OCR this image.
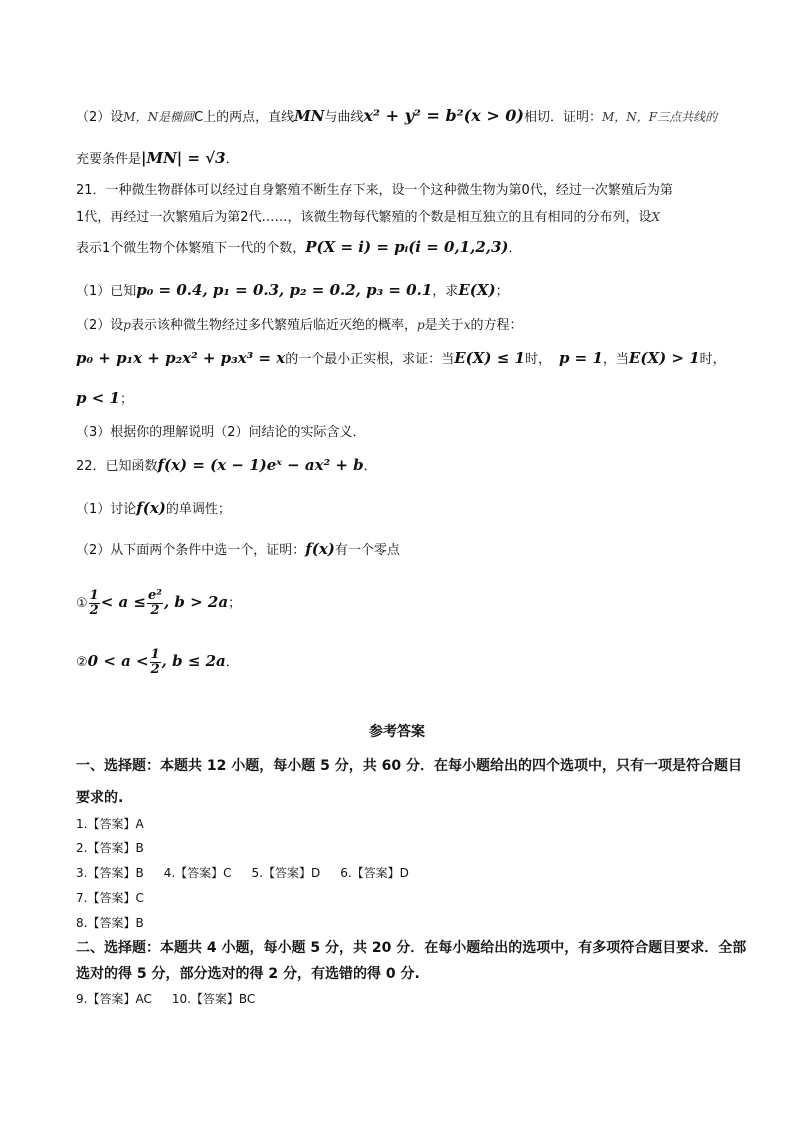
（2）设M，N是椭圆C上的两点，直线MN与曲线x² + y² = b²(x > 0)相切．证明：M，N，F三点共线的
充要条件是|MN| = √3．
21．一种微生物群体可以经过自身繁殖不断生存下来，设一个这种微生物为第0代，经过一次繁殖后为第
1代，再经过一次繁殖后为第2代……，该微生物每代繁殖的个数是相互独立的且有相同的分布列，设X
表示1个微生物个体繁殖下一代的个数，P(X = i) = pᵢ(i = 0,1,2,3)．
（1）已知p₀ = 0.4, p₁ = 0.3, p₂ = 0.2, p₃ = 0.1，求E(X)；
（2）设p表示该种微生物经过多代繁殖后临近灭绝的概率，p是关于x的方程：
p₀ + p₁x + p₂x² + p₃x³ = x的一个最小正实根，求证：当E(X) ≤ 1时， p = 1，当E(X) > 1时，
p < 1；
（3）根据你的理解说明（2）问结论的实际含义．
22．已知函数f(x) = (x − 1)eˣ − ax² + b．
（1）讨论f(x)的单调性；
（2）从下面两个条件中选一个，证明：f(x)有一个零点
① $\frac{1}{2} < a \le \frac{\text{e²}}{2}$ , b > 2a；
②0 < $a < \frac{1}{2}$ , b ≤ 2a．
参考答案
一、选择题：本题共 12 小题，每小题 5 分，共 60 分．在每小题给出的四个选项中，只有一项是符合题目
要求的.
1.【答案】A
2.【答案】B
3.【答案】B 4.【答案】C 5.【答案】D 6.【答案】D
7.【答案】C
8.【答案】B
二、选择题：本题共 4 小题，每小题 5 分，共 20 分．在每小题给出的选项中，有多项符合题目要求．全部
选对的得 5 分，部分选对的得 2 分，有选错的得 0 分.
9.【答案】AC 10.【答案】BC
